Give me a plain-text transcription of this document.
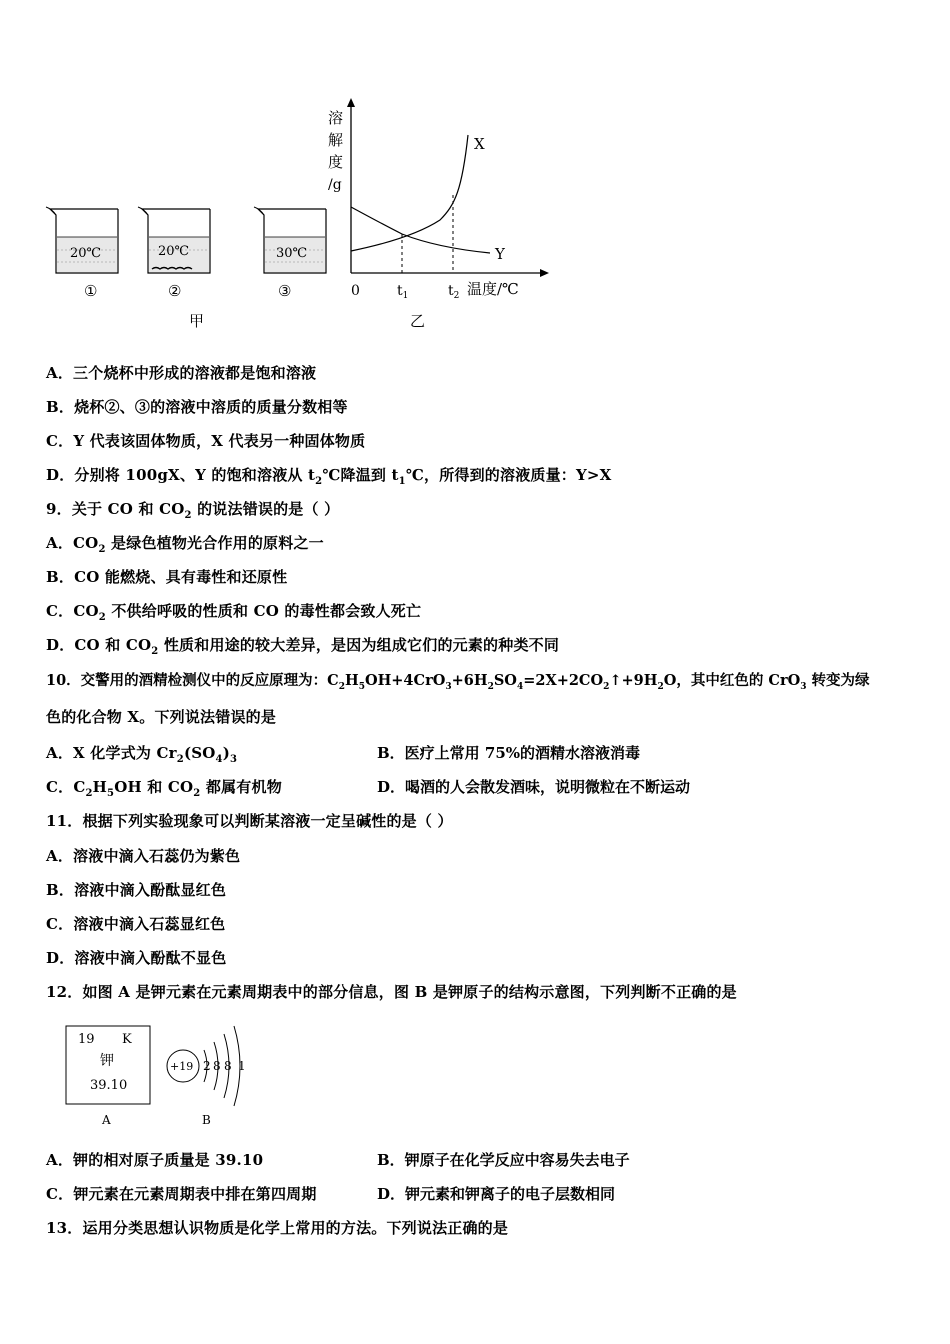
20℃
①
20℃
②
30℃
③
甲
溶
解
度
/g
X
Y
0	$t_1$	$t_2$ 温度/℃
乙
A．三个烧杯中形成的溶液都是饱和溶液
B．烧杯②、③的溶液中溶质的质量分数相等
C．Y 代表该固体物质，X 代表另一种固体物质
D．分别将 100gX、Y 的饱和溶液从 $t_2℃$降温到 $t_1℃$，所得到的溶液质量：Y>X
9．关于 CO 和 $CO_2$ 的说法错误的是（ ）
A．$CO_2$ 是绿色植物光合作用的原料之一
B．CO 能燃烧、具有毒性和还原性
C．$CO_2$ 不供给呼吸的性质和 CO 的毒性都会致人死亡
D．CO 和 $CO_2$ 性质和用途的较大差异，是因为组成它们的元素的种类不同
10．交警用的酒精检测仪中的反应原理为：$C_2H_5OH+4CrO_3+6H_2SO_4=2X+2CO_2↑+9H_2O$，其中红色的 CrO$_3$ 转变为绿
色的化合物 X。下列说法错误的是
A．X 化学式为 $Cr_2(SO_4)_3$	B．医疗上常用 75%的酒精水溶液消毒
C．$C_2H_5OH$ 和 $CO_2$ 都属有机物	D．喝酒的人会散发酒味，说明微粒在不断运动
11．根据下列实验现象可以判断某溶液一定呈碱性的是（ ）
A．溶液中滴入石蕊仍为紫色
B．溶液中滴入酚酞显红色
C．溶液中滴入石蕊显红色
D．溶液中滴入酚酞不显色
12．如图 A 是钾元素在元素周期表中的部分信息，图 B 是钾原子的结构示意图，下列判断不正确的是
19 K
钾
39.10
A
+19 2 8 8 1
B
A．钾的相对原子质量是 39.10	B．钾原子在化学反应中容易失去电子
C．钾元素在元素周期表中排在第四周期	D．钾元素和钾离子的电子层数相同
13．运用分类思想认识物质是化学上常用的方法。下列说法正确的是
